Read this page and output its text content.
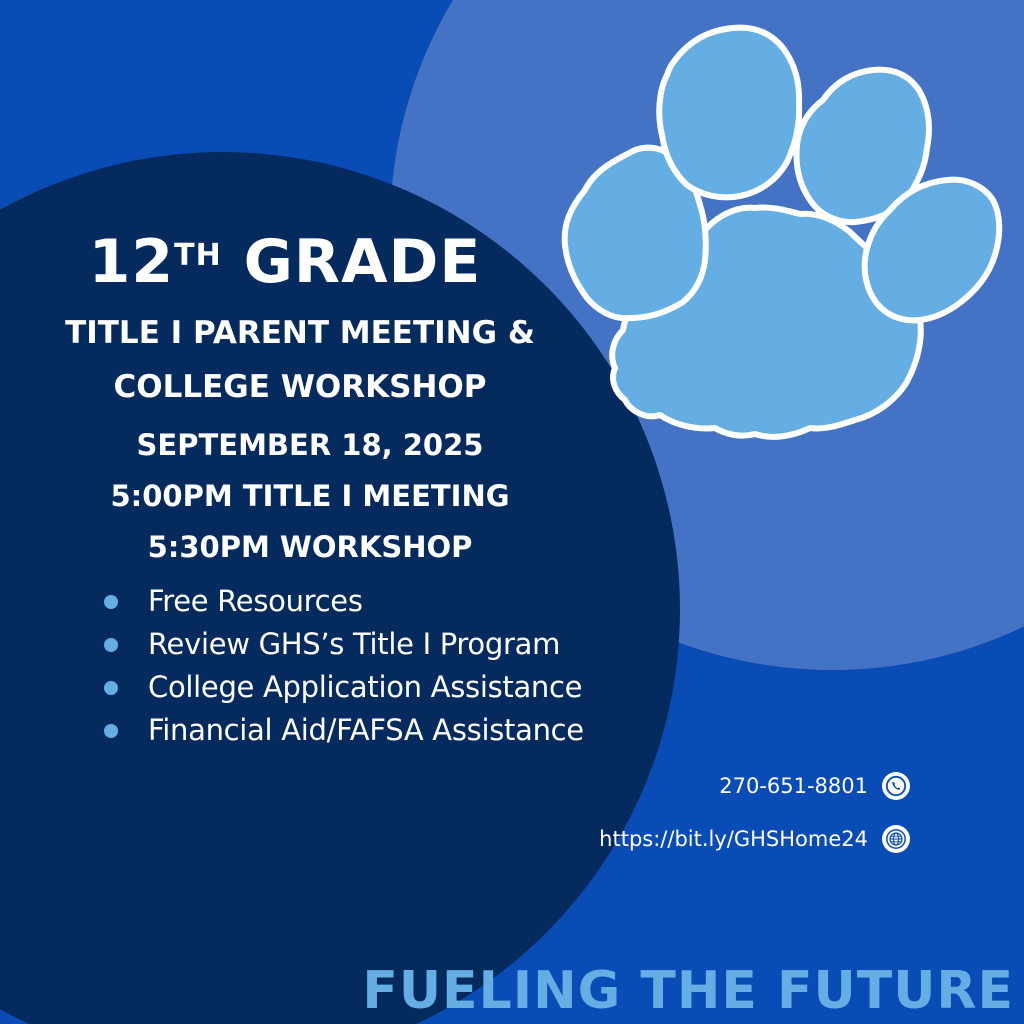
12TH GRADE
TITLE I PARENT MEETING &
COLLEGE WORKSHOP
SEPTEMBER 18, 2025
5:00PM TITLE I MEETING
5:30PM WORKSHOP
Free Resources
Review GHS’s Title I Program
College Application Assistance
Financial Aid/FAFSA Assistance
270-651-8801
https://bit.ly/GHSHome24
FUELING THE FUTURE
